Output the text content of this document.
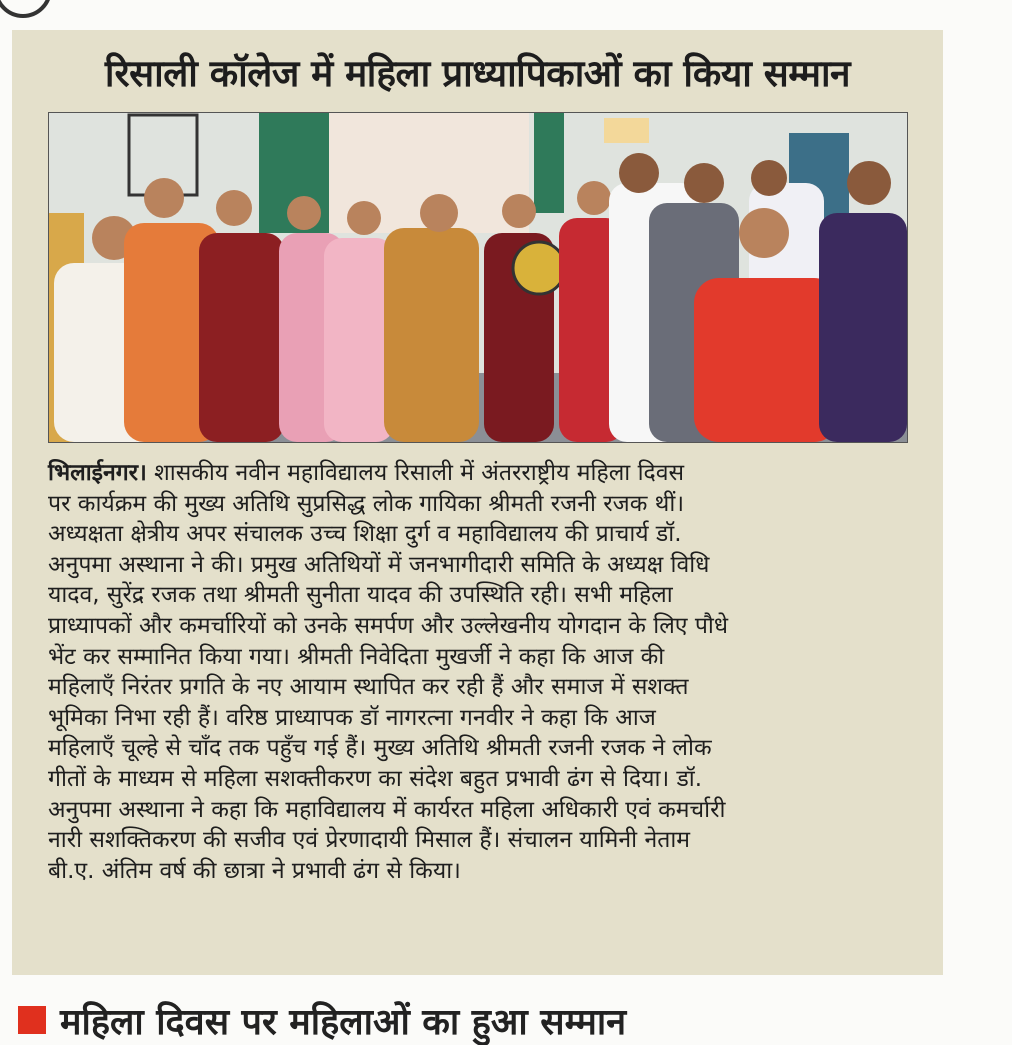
रिसाली कॉलेज में महिला प्राध्यापिकाओं का किया सम्मान
भिलाईनगर। शासकीय नवीन महाविद्यालय रिसाली में अंतरराष्ट्रीय महिला दिवस
पर कार्यक्रम की मुख्य अतिथि सुप्रसिद्ध लोक गायिका श्रीमती रजनी रजक थीं।
अध्यक्षता क्षेत्रीय अपर संचालक उच्च शिक्षा दुर्ग व महाविद्यालय की प्राचार्य डॉ.
अनुपमा अस्थाना ने की। प्रमुख अतिथियों में जनभागीदारी समिति के अध्यक्ष विधि
यादव, सुरेंद्र रजक तथा श्रीमती सुनीता यादव की उपस्थिति रही। सभी महिला
प्राध्यापकों और कमर्चारियों को उनके समर्पण और उल्लेखनीय योगदान के लिए पौधे
भेंट कर सम्मानित किया गया। श्रीमती निवेदिता मुखर्जी ने कहा कि आज की
महिलाएँ निरंतर प्रगति के नए आयाम स्थापित कर रही हैं और समाज में सशक्त
भूमिका निभा रही हैं। वरिष्ठ प्राध्यापक डॉ नागरत्ना गनवीर ने कहा कि आज
महिलाएँ चूल्हे से चाँद तक पहुँच गई हैं। मुख्य अतिथि श्रीमती रजनी रजक ने लोक
गीतों के माध्यम से महिला सशक्तीकरण का संदेश बहुत प्रभावी ढंग से दिया। डॉ.
अनुपमा अस्थाना ने कहा कि महाविद्यालय में कार्यरत महिला अधिकारी एवं कमर्चारी
नारी सशक्तिकरण की सजीव एवं प्रेरणादायी मिसाल हैं। संचालन यामिनी नेताम
बी.ए. अंतिम वर्ष की छात्रा ने प्रभावी ढंग से किया।
महिला दिवस पर महिलाओं का हुआ सम्मान
